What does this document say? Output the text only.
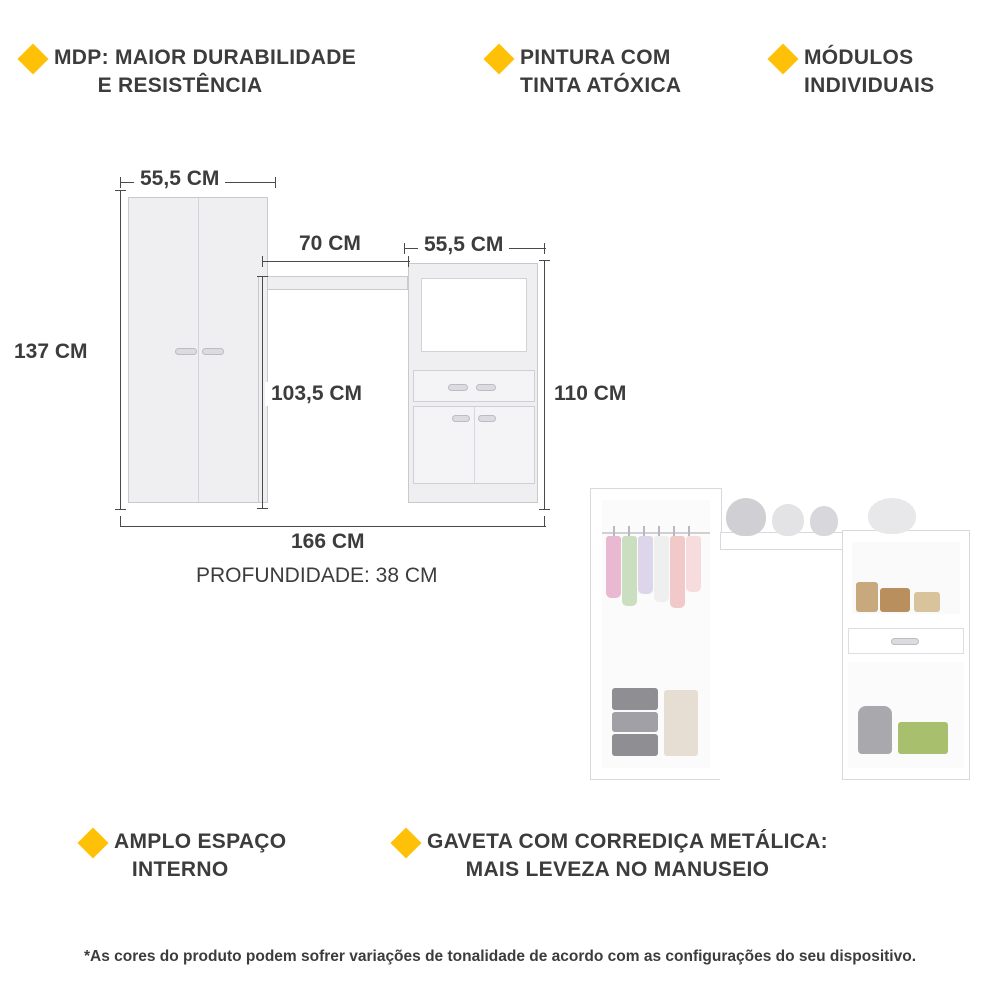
MDP: MAIOR DURABILIDADE
E RESISTÊNCIA
PINTURA COM
TINTA ATÓXICA
MÓDULOS
INDIVIDUAIS
55,5 CM
70 CM	55,5 CM
137 CM
103,5 CM	110 CM
166 CM
PROFUNDIDADE: 38 CM
AMPLO ESPAÇO
INTERNO
GAVETA COM CORREDIÇA METÁLICA:
MAIS LEVEZA NO MANUSEIO
*As cores do produto podem sofrer variações de tonalidade de acordo com as configurações do seu dispositivo.
